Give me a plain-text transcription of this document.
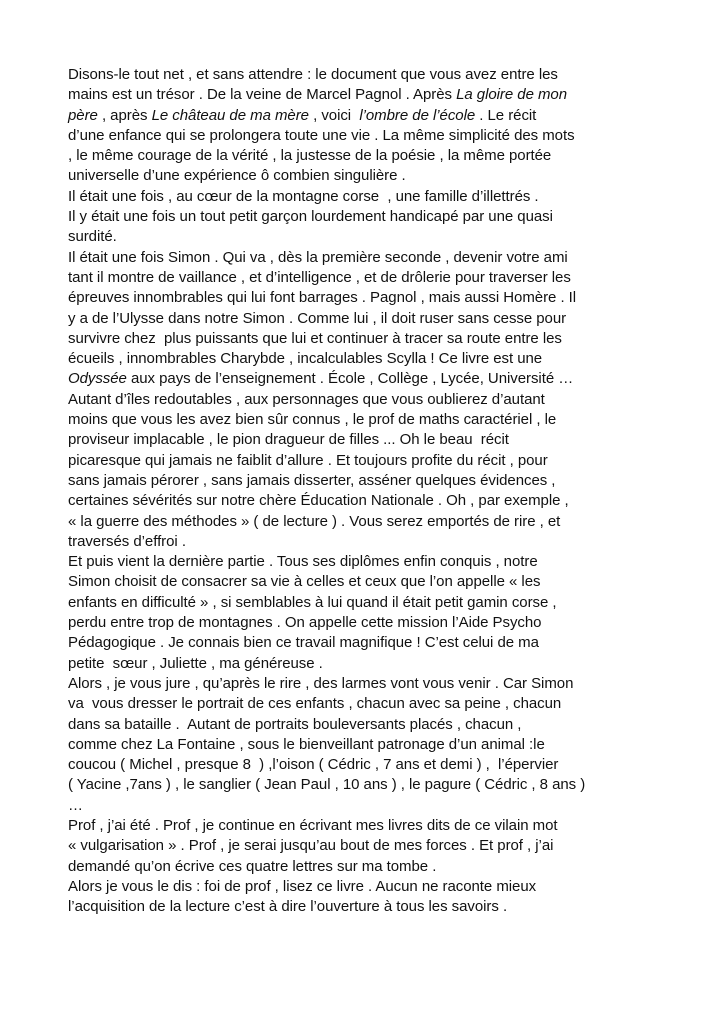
Disons-le tout net , et sans attendre : le document que vous avez entre les
mains est un trésor . De la veine de Marcel Pagnol . Après La gloire de mon
père , après Le château de ma mère , voici  l’ombre de l’école . Le récit
d’une enfance qui se prolongera toute une vie . La même simplicité des mots
, le même courage de la vérité , la justesse de la poésie , la même portée
universelle d’une expérience ô combien singulière .
Il était une fois , au cœur de la montagne corse  , une famille d’illettrés .
Il y était une fois un tout petit garçon lourdement handicapé par une quasi
surdité.
Il était une fois Simon . Qui va , dès la première seconde , devenir votre ami
tant il montre de vaillance , et d’intelligence , et de drôlerie pour traverser les
épreuves innombrables qui lui font barrages . Pagnol , mais aussi Homère . Il
y a de l’Ulysse dans notre Simon . Comme lui , il doit ruser sans cesse pour
survivre chez  plus puissants que lui et continuer à tracer sa route entre les
écueils , innombrables Charybde , incalculables Scylla ! Ce livre est une
Odyssée aux pays de l’enseignement . École , Collège , Lycée, Université …
Autant d’îles redoutables , aux personnages que vous oublierez d’autant
moins que vous les avez bien sûr connus , le prof de maths caractériel , le
proviseur implacable , le pion dragueur de filles ... Oh le beau  récit
picaresque qui jamais ne faiblit d’allure . Et toujours profite du récit , pour
sans jamais pérorer , sans jamais disserter, asséner quelques évidences ,
certaines sévérités sur notre chère Éducation Nationale . Oh , par exemple ,
« la guerre des méthodes » ( de lecture ) . Vous serez emportés de rire , et
traversés d’effroi .
Et puis vient la dernière partie . Tous ses diplômes enfin conquis , notre
Simon choisit de consacrer sa vie à celles et ceux que l’on appelle « les
enfants en difficulté » , si semblables à lui quand il était petit gamin corse ,
perdu entre trop de montagnes . On appelle cette mission l’Aide Psycho
Pédagogique . Je connais bien ce travail magnifique ! C’est celui de ma
petite  sœur , Juliette , ma généreuse .
Alors , je vous jure , qu’après le rire , des larmes vont vous venir . Car Simon
va  vous dresser le portrait de ces enfants , chacun avec sa peine , chacun
dans sa bataille .  Autant de portraits bouleversants placés , chacun ,
comme chez La Fontaine , sous le bienveillant patronage d’un animal :le
coucou ( Michel , presque 8  ) ,l’oison ( Cédric , 7 ans et demi ) ,  l’épervier
( Yacine ,7ans ) , le sanglier ( Jean Paul , 10 ans ) , le pagure ( Cédric , 8 ans )
…
Prof , j’ai été . Prof , je continue en écrivant mes livres dits de ce vilain mot
« vulgarisation » . Prof , je serai jusqu’au bout de mes forces . Et prof , j’ai
demandé qu’on écrive ces quatre lettres sur ma tombe .
Alors je vous le dis : foi de prof , lisez ce livre . Aucun ne raconte mieux
l’acquisition de la lecture c’est à dire l’ouverture à tous les savoirs .
